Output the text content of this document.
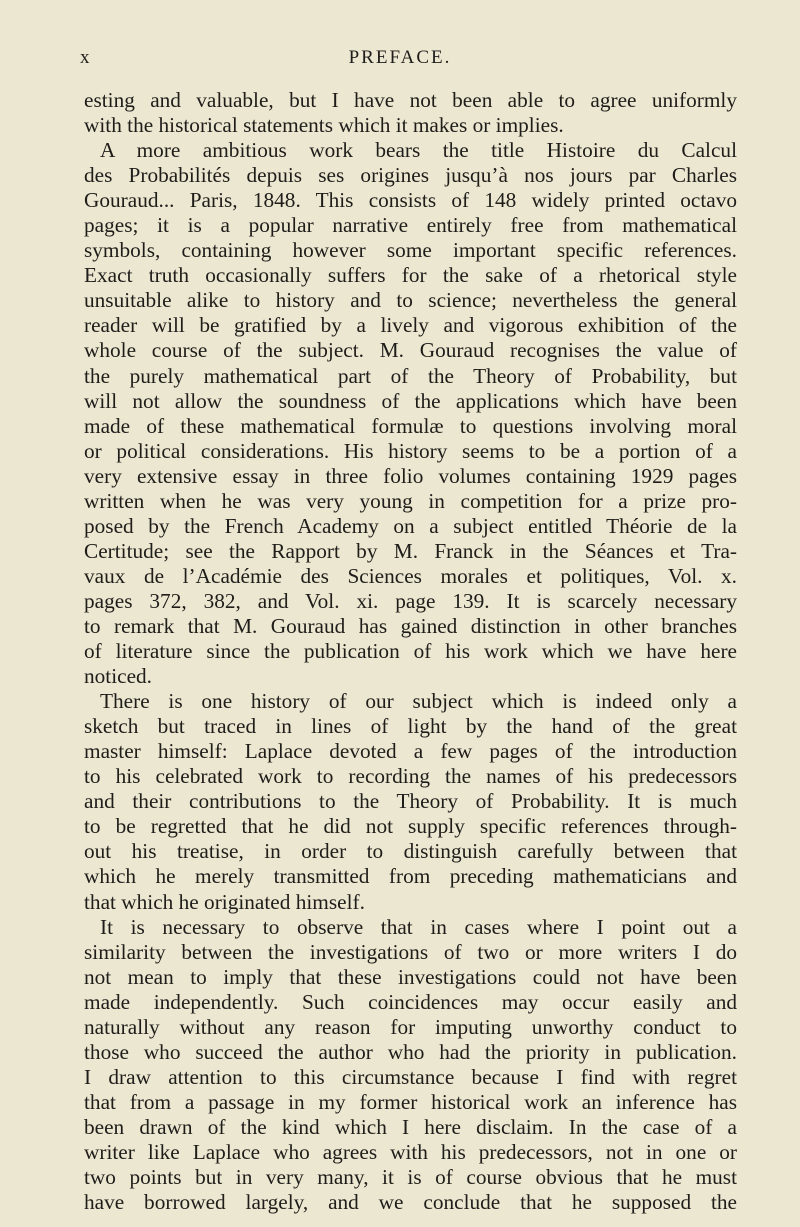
x	PREFACE.
esting and valuable, but I have not been able to agree uniformly
with the historical statements which it makes or implies.
A more ambitious work bears the title Histoire du Calcul
des Probabilités depuis ses origines jusqu’à nos jours par Charles
Gouraud... Paris, 1848. This consists of 148 widely printed octavo
pages; it is a popular narrative entirely free from mathematical
symbols, containing however some important specific references.
Exact truth occasionally suffers for the sake of a rhetorical style
unsuitable alike to history and to science; nevertheless the general
reader will be gratified by a lively and vigorous exhibition of the
whole course of the subject. M. Gouraud recognises the value of
the purely mathematical part of the Theory of Probability, but
will not allow the soundness of the applications which have been
made of these mathematical formulæ to questions involving moral
or political considerations. His history seems to be a portion of a
very extensive essay in three folio volumes containing 1929 pages
written when he was very young in competition for a prize pro-
posed by the French Academy on a subject entitled Théorie de la
Certitude; see the Rapport by M. Franck in the Séances et Tra-
vaux de l’Académie des Sciences morales et politiques, Vol. x.
pages 372, 382, and Vol. xi. page 139. It is scarcely necessary
to remark that M. Gouraud has gained distinction in other branches
of literature since the publication of his work which we have here
noticed.
There is one history of our subject which is indeed only a
sketch but traced in lines of light by the hand of the great
master himself: Laplace devoted a few pages of the introduction
to his celebrated work to recording the names of his predecessors
and their contributions to the Theory of Probability. It is much
to be regretted that he did not supply specific references through-
out his treatise, in order to distinguish carefully between that
which he merely transmitted from preceding mathematicians and
that which he originated himself.
It is necessary to observe that in cases where I point out a
similarity between the investigations of two or more writers I do
not mean to imply that these investigations could not have been
made independently. Such coincidences may occur easily and
naturally without any reason for imputing unworthy conduct to
those who succeed the author who had the priority in publication.
I draw attention to this circumstance because I find with regret
that from a passage in my former historical work an inference has
been drawn of the kind which I here disclaim. In the case of a
writer like Laplace who agrees with his predecessors, not in one or
two points but in very many, it is of course obvious that he must
have borrowed largely, and we conclude that he supposed the
